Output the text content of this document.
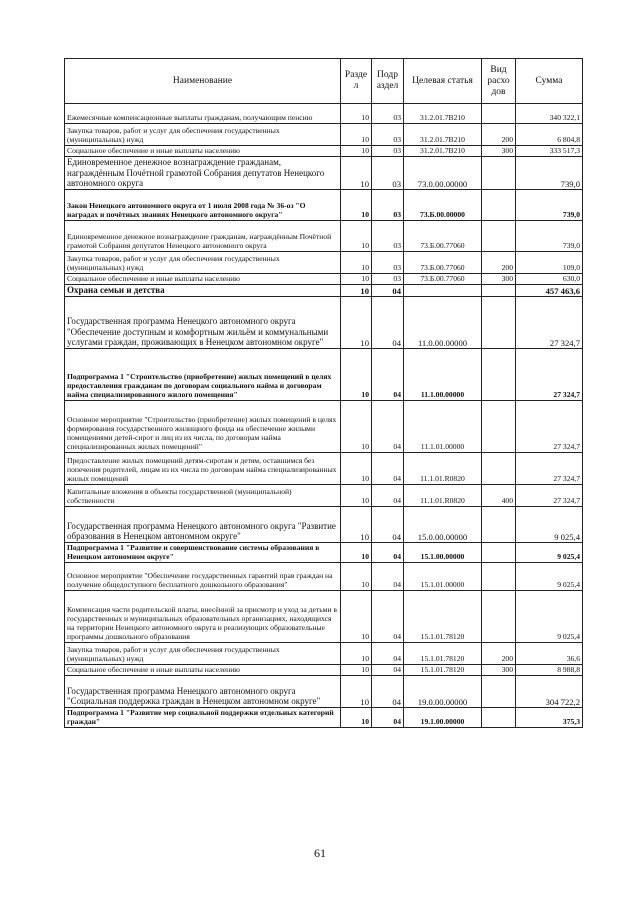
Наименование	Разде л	Подр аздел	Целевая статья	Вид расхо дов	Сумма
Ежемесячные компенсационные выплаты гражданам, получающим пенсию	10	03	31.2.01.7В210		340 322,1
Закупка товаров, работ и услуг для обеспечения государственных (муниципальных) нужд	10	03	31.2.01.7В210	200	6 804,8
Социальное обеспечение и иные выплаты населению	10	03	31.2.01.7В210	300	333 517,3
Единовременное денежное вознаграждение гражданам, награждённым Почётной грамотой Собрания депутатов Ненецкого автономного округа	10	03	73.0.00.00000		739,0
Закон Ненецкого автономного округа от 1 июля 2008 года № 36-оз "О наградах и почётных званиях Ненецкого автономного округа"	10	03	73.Б.00.00000		739,0
Единовременное денежное вознаграждение гражданам, награждённым Почётной грамотой Собрания депутатов Ненецкого автономного округа	10	03	73.Б.00.77060		739,0
Закупка товаров, работ и услуг для обеспечения государственных (муниципальных) нужд	10	03	73.Б.00.77060	200	109,0
Социальное обеспечение и иные выплаты населению	10	03	73.Б.00.77060	300	630,0
Охрана семьи и детства	10	04			457 463,6
Государственная программа Ненецкого автономного округа "Обеспечение доступным и комфортным жильём и коммунальными услугами граждан, проживающих в Ненецком автономном округе"	10	04	11.0.00.00000		27 324,7
Подпрограмма 1 "Строительство (приобретение) жилых помещений в целях предоставления гражданам по договорам социального найма и договорам найма специализированного жилого помещения"	10	04	11.1.00.00000		27 324,7
Основное мероприятие "Строительство (приобретение) жилых помещений в целях формирования государственного жилищного фонда на обеспечение жилыми помещениями детей-сирот и лиц из их числа, по договорам найма специализированных жилых помещений"	10	04	11.1.01.00000		27 324,7
Предоставление жилых помещений детям-сиротам и детям, оставшимся без попечения родителей, лицам из их числа по договорам найма специализированных жилых помещений	10	04	11.1.01.R0820		27 324,7
Капитальные вложения в объекты государственной (муниципальной) собственности	10	04	11.1.01.R0820	400	27 324,7
Государственная программа Ненецкого автономного округа "Развитие образования в Ненецком автономном округе"	10	04	15.0.00.00000		9 025,4
Подпрограмма 1 "Развитие и совершенствование системы образования в Ненецком автономном округе"	10	04	15.1.00.00000		9 025,4
Основное мероприятие "Обеспечение государственных гарантий прав граждан на получение общедоступного бесплатного дошкольного образования"	10	04	15.1.01.00000		9 025,4
Компенсация части родительской платы, внесённой за присмотр и уход за детьми в государственных и муниципальных образовательных организациях, находящихся на территории Ненецкого автономного округа и реализующих образовательные программы дошкольного образования	10	04	15.1.01.78120		9 025,4
Закупка товаров, работ и услуг для обеспечения государственных (муниципальных) нужд	10	04	15.1.01.78120	200	36,6
Социальное обеспечение и иные выплаты населению	10	04	15.1.01.78120	300	8 988,8
Государственная программа Ненецкого автономного округа "Социальная поддержка граждан в Ненецком автономном округе"	10	04	19.0.00.00000		304 722,2
Подпрограмма 1 "Развитие мер социальной поддержки отдельных категорий граждан"	10	04	19.1.00.00000		375,3
61
